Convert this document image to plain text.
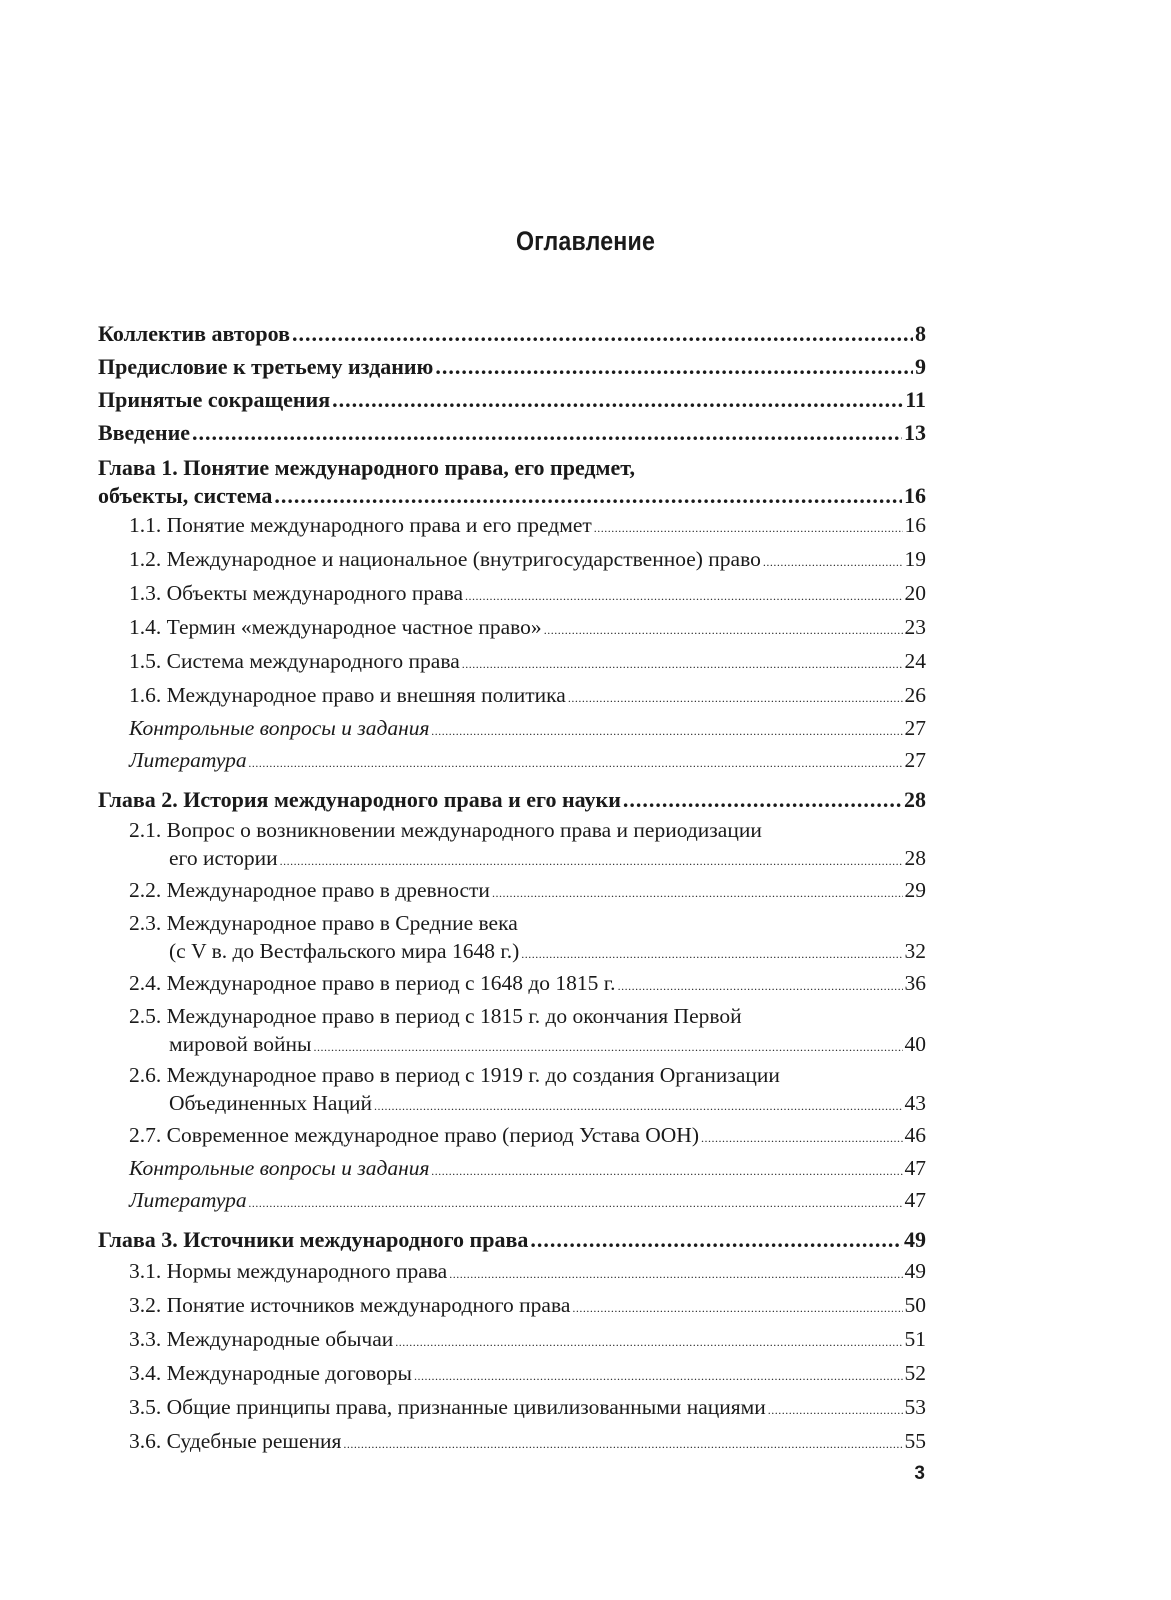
Оглавление
Коллектив авторов .....	8
Предисловие к третьему изданию .....	9
Принятые сокращения .....	11
Введение .....	13
Глава 1. Понятие международного права, его предмет,
объекты, система .....	16
1.1. Понятие международного права и его предмет .....	16
1.2. Международное и национальное (внутригосударственное) право .....	19
1.3. Объекты международного права .....	20
1.4. Термин «международное частное право» .....	23
1.5. Система международного права .....	24
1.6. Международное право и внешняя политика .....	26
Контрольные вопросы и задания .....	27
Литература .....	27
Глава 2. История международного права и его науки .....	28
2.1. Вопрос о возникновении международного права и периодизации
его истории .....	28
2.2. Международное право в древности .....	29
2.3. Международное право в Средние века
(с V в. до Вестфальского мира 1648 г.) .....	32
2.4. Международное право в период с 1648 до 1815 г. .....	36
2.5. Международное право в период с 1815 г. до окончания Первой
мировой войны .....	40
2.6. Международное право в период с 1919 г. до создания Организации
Объединенных Наций .....	43
2.7. Современное международное право (период Устава ООН) .....	46
Контрольные вопросы и задания .....	47
Литература .....	47
Глава 3. Источники международного права .....	49
3.1. Нормы международного права .....	49
3.2. Понятие источников международного права .....	50
3.3. Международные обычаи .....	51
3.4. Международные договоры .....	52
3.5. Общие принципы права, признанные цивилизованными нациями .....	53
3.6. Судебные решения .....	55
3
